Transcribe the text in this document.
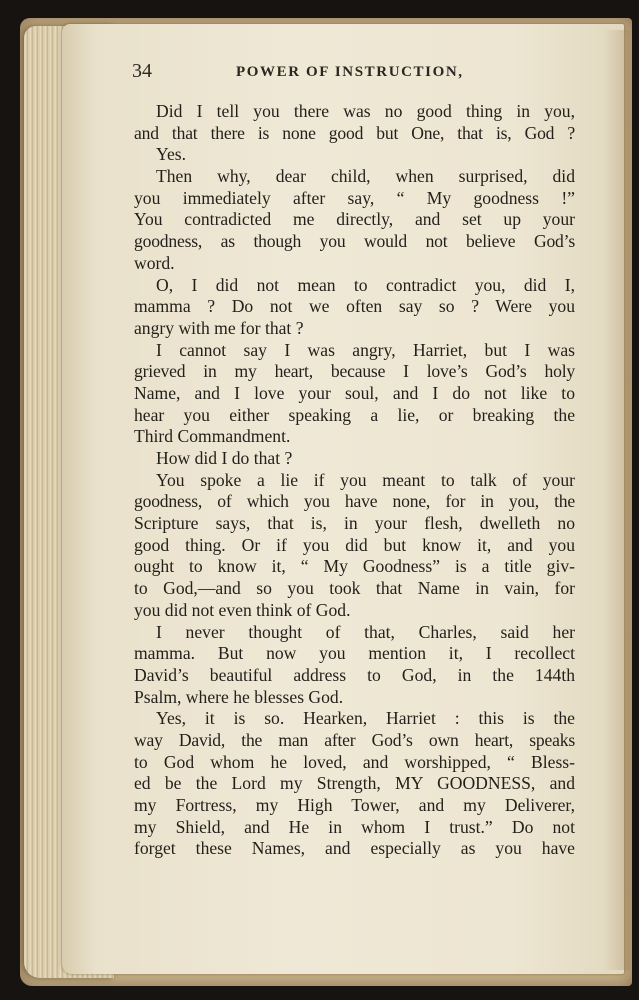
34	POWER OF INSTRUCTION,
Did I tell you there was no good thing in you,
and that there is none good but One, that is, God ?
Yes.
Then why, dear child, when surprised, did
you immediately after say, “ My goodness !”
You contradicted me directly, and set up your
goodness, as though you would not believe God’s
word.
O, I did not mean to contradict you, did I,
mamma ? Do not we often say so ? Were you
angry with me for that ?
I cannot say I was angry, Harriet, but I was
grieved in my heart, because I love’s God’s holy
Name, and I love your soul, and I do not like to
hear you either speaking a lie, or breaking the
Third Commandment.
How did I do that ?
You spoke a lie if you meant to talk of your
goodness, of which you have none, for in you, the
Scripture says, that is, in your flesh, dwelleth no
good thing. Or if you did but know it, and you
ought to know it, “ My Goodness” is a title giv-
to God,—and so you took that Name in vain, for
you did not even think of God.
I never thought of that, Charles, said her
mamma. But now you mention it, I recollect
David’s beautiful address to God, in the 144th
Psalm, where he blesses God.
Yes, it is so. Hearken, Harriet : this is the
way David, the man after God’s own heart, speaks
to God whom he loved, and worshipped, “ Bless-
ed be the Lord my Strength, MY GOODNESS, and
my Fortress, my High Tower, and my Deliverer,
my Shield, and He in whom I trust.” Do not
forget these Names, and especially as you have
